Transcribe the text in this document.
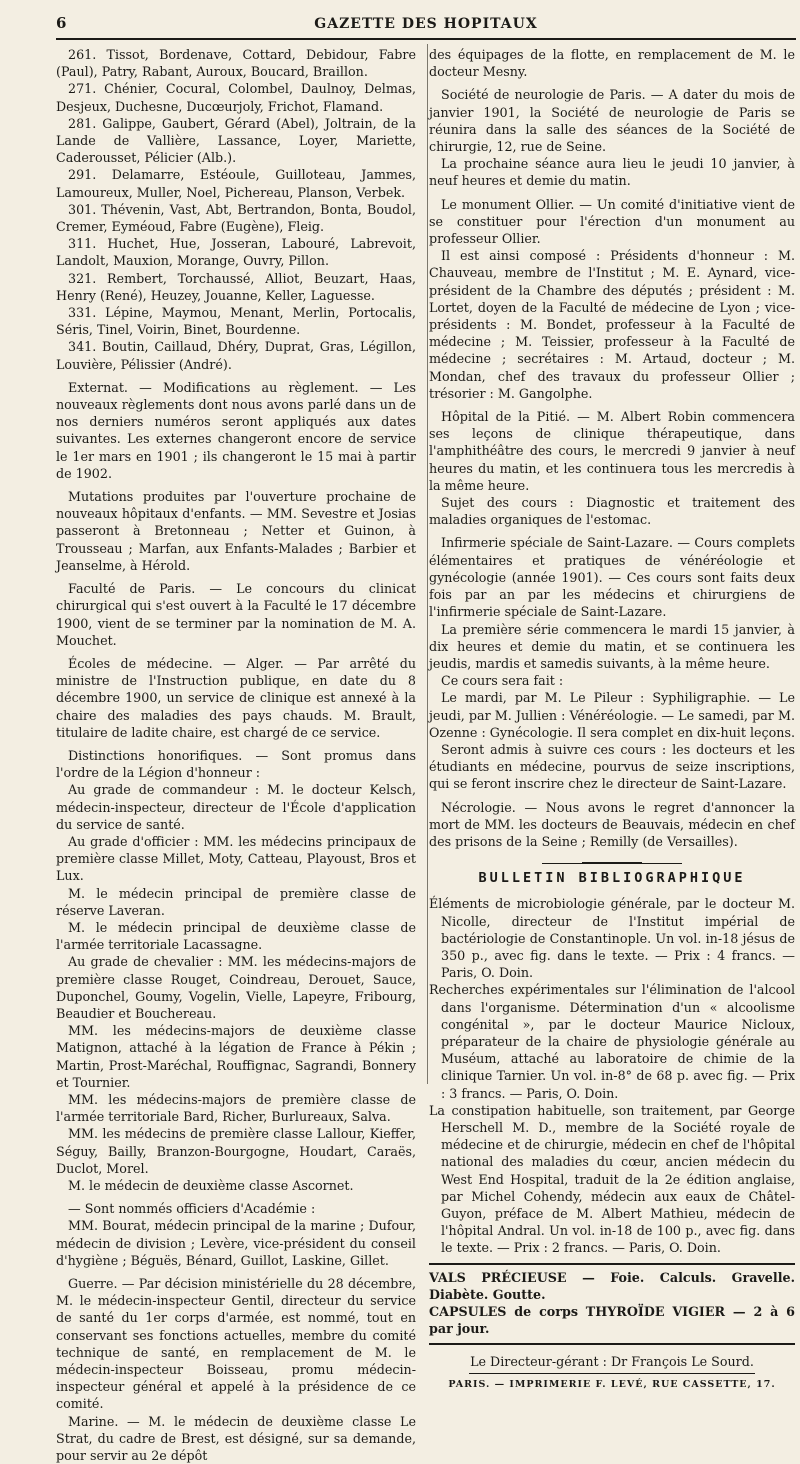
6	GAZETTE DES HOPITAUX

261. Tissot, Bordenave, Cottard, Debidour, Fabre (Paul), Patry, Rabant, Auroux, Boucard, Braillon.

271. Chénier, Cocural, Colombel, Daulnoy, Delmas, Desjeux, Duchesne, Ducœurjoly, Frichot, Flamand.

281. Galippe, Gaubert, Gérard (Abel), Joltrain, de la Lande de Vallière, Lassance, Loyer, Mariette, Caderousset, Pélicier (Alb.).

291. Delamarre, Estéoule, Guilloteau, Jammes, Lamoureux, Muller, Noel, Pichereau, Planson, Verbek.

301. Thévenin, Vast, Abt, Bertrandon, Bonta, Boudol, Cremer, Eyméoud, Fabre (Eugène), Fleig.

311. Huchet, Hue, Josseran, Labouré, Labrevoit, Landolt, Mauxion, Morange, Ouvry, Pillon.

321. Rembert, Torchaussé, Alliot, Beuzart, Haas, Henry (René), Heuzey, Jouanne, Keller, Laguesse.

331. Lépine, Maymou, Menant, Merlin, Portocalis, Séris, Tinel, Voirin, Binet, Bourdenne.

341. Boutin, Caillaud, Dhéry, Duprat, Gras, Légillon, Louvière, Pélissier (André).

Externat. — Modifications au règlement. — Les nouveaux règlements dont nous avons parlé dans un de nos derniers numéros seront appliqués aux dates suivantes. Les externes changeront encore de service le 1er mars en 1901 ; ils changeront le 15 mai à partir de 1902.

Mutations produites par l'ouverture prochaine de nouveaux hôpitaux d'enfants. — MM. Sevestre et Josias passeront à Bretonneau ; Netter et Guinon, à Trousseau ; Marfan, aux Enfants-Malades ; Barbier et Jeanselme, à Hérold.

Faculté de Paris. — Le concours du clinicat chirurgical qui s'est ouvert à la Faculté le 17 décembre 1900, vient de se terminer par la nomination de M. A. Mouchet.

Écoles de médecine. — Alger. — Par arrêté du ministre de l'Instruction publique, en date du 8 décembre 1900, un service de clinique est annexé à la chaire des maladies des pays chauds. M. Brault, titulaire de ladite chaire, est chargé de ce service.

Distinctions honorifiques. — Sont promus dans l'ordre de la Légion d'honneur :

Au grade de commandeur : M. le docteur Kelsch, médecin-inspecteur, directeur de l'École d'application du service de santé.

Au grade d'officier : MM. les médecins principaux de première classe Millet, Moty, Catteau, Playoust, Bros et Lux.

M. le médecin principal de première classe de réserve Laveran.

M. le médecin principal de deuxième classe de l'armée territoriale Lacassagne.

Au grade de chevalier : MM. les médecins-majors de première classe Rouget, Coindreau, Derouet, Sauce, Duponchel, Goumy, Vogelin, Vielle, Lapeyre, Fribourg, Beaudier et Bouchereau.

MM. les médecins-majors de deuxième classe Matignon, attaché à la légation de France à Pékin ; Martin, Prost-Maréchal, Rouffignac, Sagrandi, Bonnery et Tournier.

MM. les médecins-majors de première classe de l'armée territoriale Bard, Richer, Burlureaux, Salva.

MM. les médecins de première classe Lallour, Kieffer, Séguy, Bailly, Branzon-Bourgogne, Houdart, Caraës, Duclot, Morel.

M. le médecin de deuxième classe Ascornet.

— Sont nommés officiers d'Académie :

MM. Bourat, médecin principal de la marine ; Dufour, médecin de division ; Levère, vice-président du conseil d'hygiène ; Béguës, Bénard, Guillot, Laskine, Gillet.

Guerre. — Par décision ministérielle du 28 décembre, M. le médecin-inspecteur Gentil, directeur du service de santé du 1er corps d'armée, est nommé, tout en conservant ses fonctions actuelles, membre du comité technique de santé, en remplacement de M. le médecin-inspecteur Boisseau, promu médecin-inspecteur général et appelé à la présidence de ce comité.

Marine. — M. le médecin de deuxième classe Le Strat, du cadre de Brest, est désigné, sur sa demande, pour servir au 2e dépôt

des équipages de la flotte, en remplacement de M. le docteur Mesny.

Société de neurologie de Paris. — A dater du mois de janvier 1901, la Société de neurologie de Paris se réunira dans la salle des séances de la Société de chirurgie, 12, rue de Seine.

La prochaine séance aura lieu le jeudi 10 janvier, à neuf heures et demie du matin.

Le monument Ollier. — Un comité d'initiative vient de se constituer pour l'érection d'un monument au professeur Ollier.

Il est ainsi composé : Présidents d'honneur : M. Chauveau, membre de l'Institut ; M. E. Aynard, vice-président de la Chambre des députés ; président : M. Lortet, doyen de la Faculté de médecine de Lyon ; vice-présidents : M. Bondet, professeur à la Faculté de médecine ; M. Teissier, professeur à la Faculté de médecine ; secrétaires : M. Artaud, docteur ; M. Mondan, chef des travaux du professeur Ollier ; trésorier : M. Gangolphe.

Hôpital de la Pitié. — M. Albert Robin commencera ses leçons de clinique thérapeutique, dans l'amphithéâtre des cours, le mercredi 9 janvier à neuf heures du matin, et les continuera tous les mercredis à la même heure.

Sujet des cours : Diagnostic et traitement des maladies organiques de l'estomac.

Infirmerie spéciale de Saint-Lazare. — Cours complets élémentaires et pratiques de vénéréologie et gynécologie (année 1901). — Ces cours sont faits deux fois par an par les médecins et chirurgiens de l'infirmerie spéciale de Saint-Lazare.

La première série commencera le mardi 15 janvier, à dix heures et demie du matin, et se continuera les jeudis, mardis et samedis suivants, à la même heure.

Ce cours sera fait :

Le mardi, par M. Le Pileur : Syphiligraphie. — Le jeudi, par M. Jullien : Vénéréologie. — Le samedi, par M. Ozenne : Gynécologie. Il sera complet en dix-huit leçons.

Seront admis à suivre ces cours : les docteurs et les étudiants en médecine, pourvus de seize inscriptions, qui se feront inscrire chez le directeur de Saint-Lazare.

Nécrologie. — Nous avons le regret d'annoncer la mort de MM. les docteurs de Beauvais, médecin en chef des prisons de la Seine ; Remilly (de Versailles).

BULLETIN BIBLIOGRAPHIQUE

Éléments de microbiologie générale, par le docteur M. Nicolle, directeur de l'Institut impérial de bactériologie de Constantinople. Un vol. in-18 jésus de 350 p., avec fig. dans le texte. — Prix : 4 francs. — Paris, O. Doin.

Recherches expérimentales sur l'élimination de l'alcool dans l'organisme. Détermination d'un « alcoolisme congénital », par le docteur Maurice Nicloux, préparateur de la chaire de physiologie générale au Muséum, attaché au laboratoire de chimie de la clinique Tarnier. Un vol. in-8° de 68 p. avec fig. — Prix : 3 francs. — Paris, O. Doin.

La constipation habituelle, son traitement, par George Herschell M. D., membre de la Société royale de médecine et de chirurgie, médecin en chef de l'hôpital national des maladies du cœur, ancien médecin du West End Hospital, traduit de la 2e édition anglaise, par Michel Cohendy, médecin aux eaux de Châtel-Guyon, préface de M. Albert Mathieu, médecin de l'hôpital Andral. Un vol. in-18 de 100 p., avec fig. dans le texte. — Prix : 2 francs. — Paris, O. Doin.

VALS PRÉCIEUSE — Foie. Calculs. Gravelle. Diabète. Goutte.

CAPSULES de corps THYROÏDE VIGIER — 2 à 6 par jour.

Le Directeur-gérant : Dr François Le Sourd.
PARIS. — IMPRIMERIE F. LEVÉ, RUE CASSETTE, 17.
